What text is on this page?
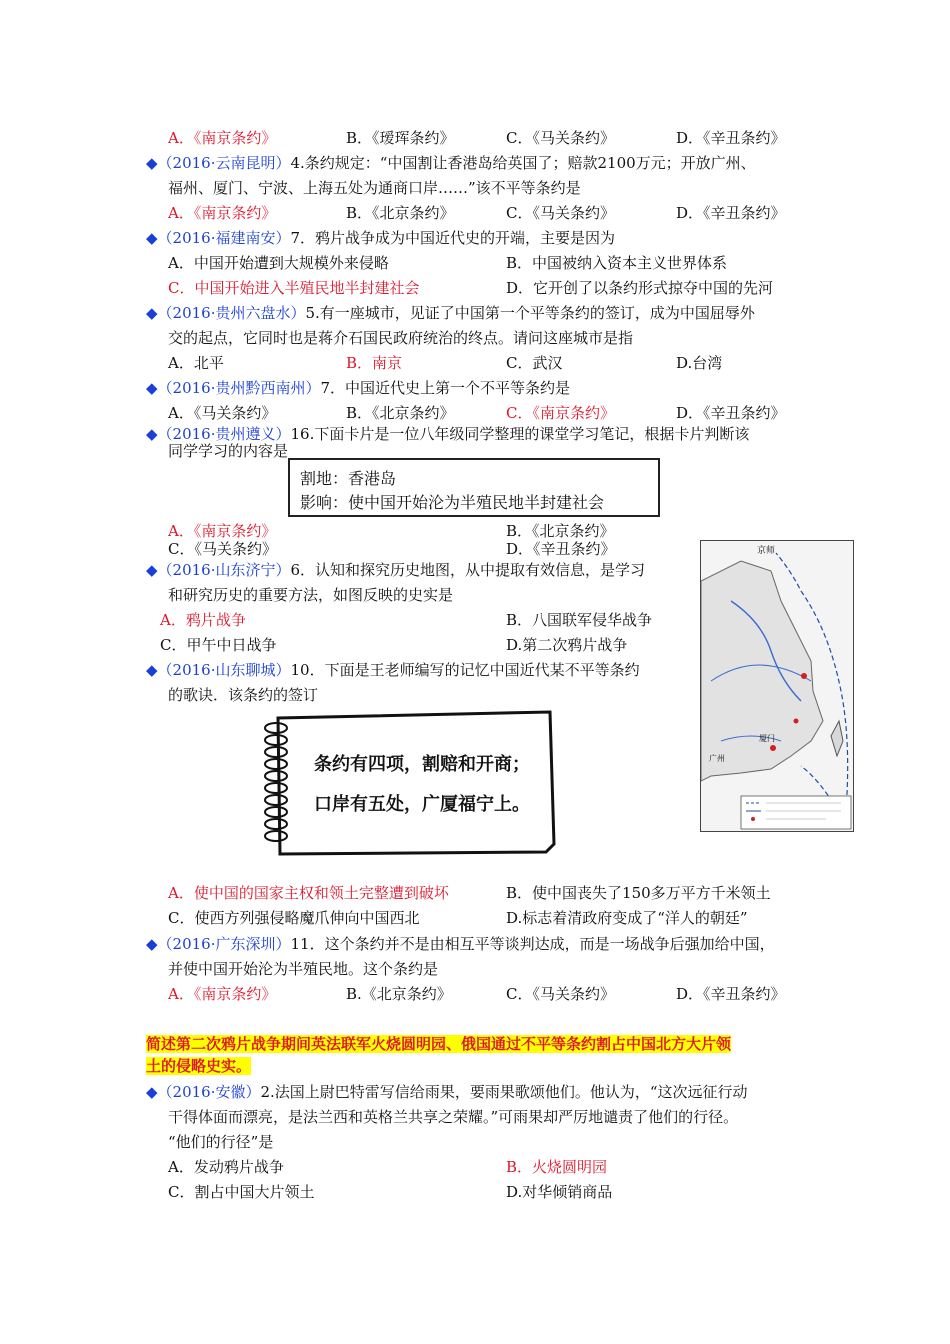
A．《南京条约》	B．《瑷珲条约》	C．《马关条约》	D．《辛丑条约》
◆（2016·云南昆明）4.条约规定：“中国割让香港岛给英国了；赔款2100万元；开放广州、
福州、厦门、宁波、上海五处为通商口岸……”该不平等条约是
A．《南京条约》	B．《北京条约》	C．《马关条约》	D．《辛丑条约》
◆（2016·福建南安）7．鸦片战争成为中国近代史的开端，主要是因为
A．中国开始遭到大规模外来侵略	B．中国被纳入资本主义世界体系
C．中国开始进入半殖民地半封建社会	D．它开创了以条约形式掠夺中国的先河
◆（2016·贵州六盘水）5.有一座城市，见证了中国第一个平等条约的签订，成为中国屈辱外
交的起点，它同时也是蒋介石国民政府统治的终点。请问这座城市是指
A．北平	B．南京	C．武汉	D.台湾
◆（2016·贵州黔西南州）7．中国近代史上第一个不平等条约是
A．《马关条约》	B．《北京条约》	C．《南京条约》	D．《辛丑条约》
◆（2016·贵州遵义）16.下面卡片是一位八年级同学整理的课堂学习笔记，根据卡片判断该
同学学习的内容是
割地：香港岛
影响：使中国开始沦为半殖民地半封建社会
A．《南京条约》	B．《北京条约》
C．《马关条约》	D．《辛丑条约》
◆（2016·山东济宁）6．认知和探究历史地图，从中提取有效信息，是学习
和研究历史的重要方法，如图反映的史实是
A．鸦片战争	B．八国联军侵华战争
C．甲午中日战争	D.第二次鸦片战争
京师
广州
厦门
◆（2016·山东聊城）10．下面是王老师编写的记忆中国近代某不平等条约
的歌诀．该条约的签订
条约有四项，割赔和开商；
口岸有五处，广厦福宁上。
A．使中国的国家主权和领土完整遭到破坏	B．使中国丧失了150多万平方千米领土
C．使西方列强侵略魔爪伸向中国西北	D.标志着清政府变成了“洋人的朝廷”
◆（2016·广东深圳）11．这个条约并不是由相互平等谈判达成，而是一场战争后强加给中国，
并使中国开始沦为半殖民地。这个条约是
A．《南京条约》	B.《北京条约》	C．《马关条约》	D．《辛丑条约》
简述第二次鸦片战争期间英法联军火烧圆明园、俄国通过不平等条约割占中国北方大片领
土的侵略史实。
◆（2016·安徽）2.法国上尉巴特雷写信给雨果，要雨果歌颂他们。他认为，“这次远征行动
干得体面而漂亮，是法兰西和英格兰共享之荣耀。”可雨果却严厉地谴责了他们的行径。
“他们的行径”是
A．发动鸦片战争	B．火烧圆明园
C．割占中国大片领土	D.对华倾销商品
